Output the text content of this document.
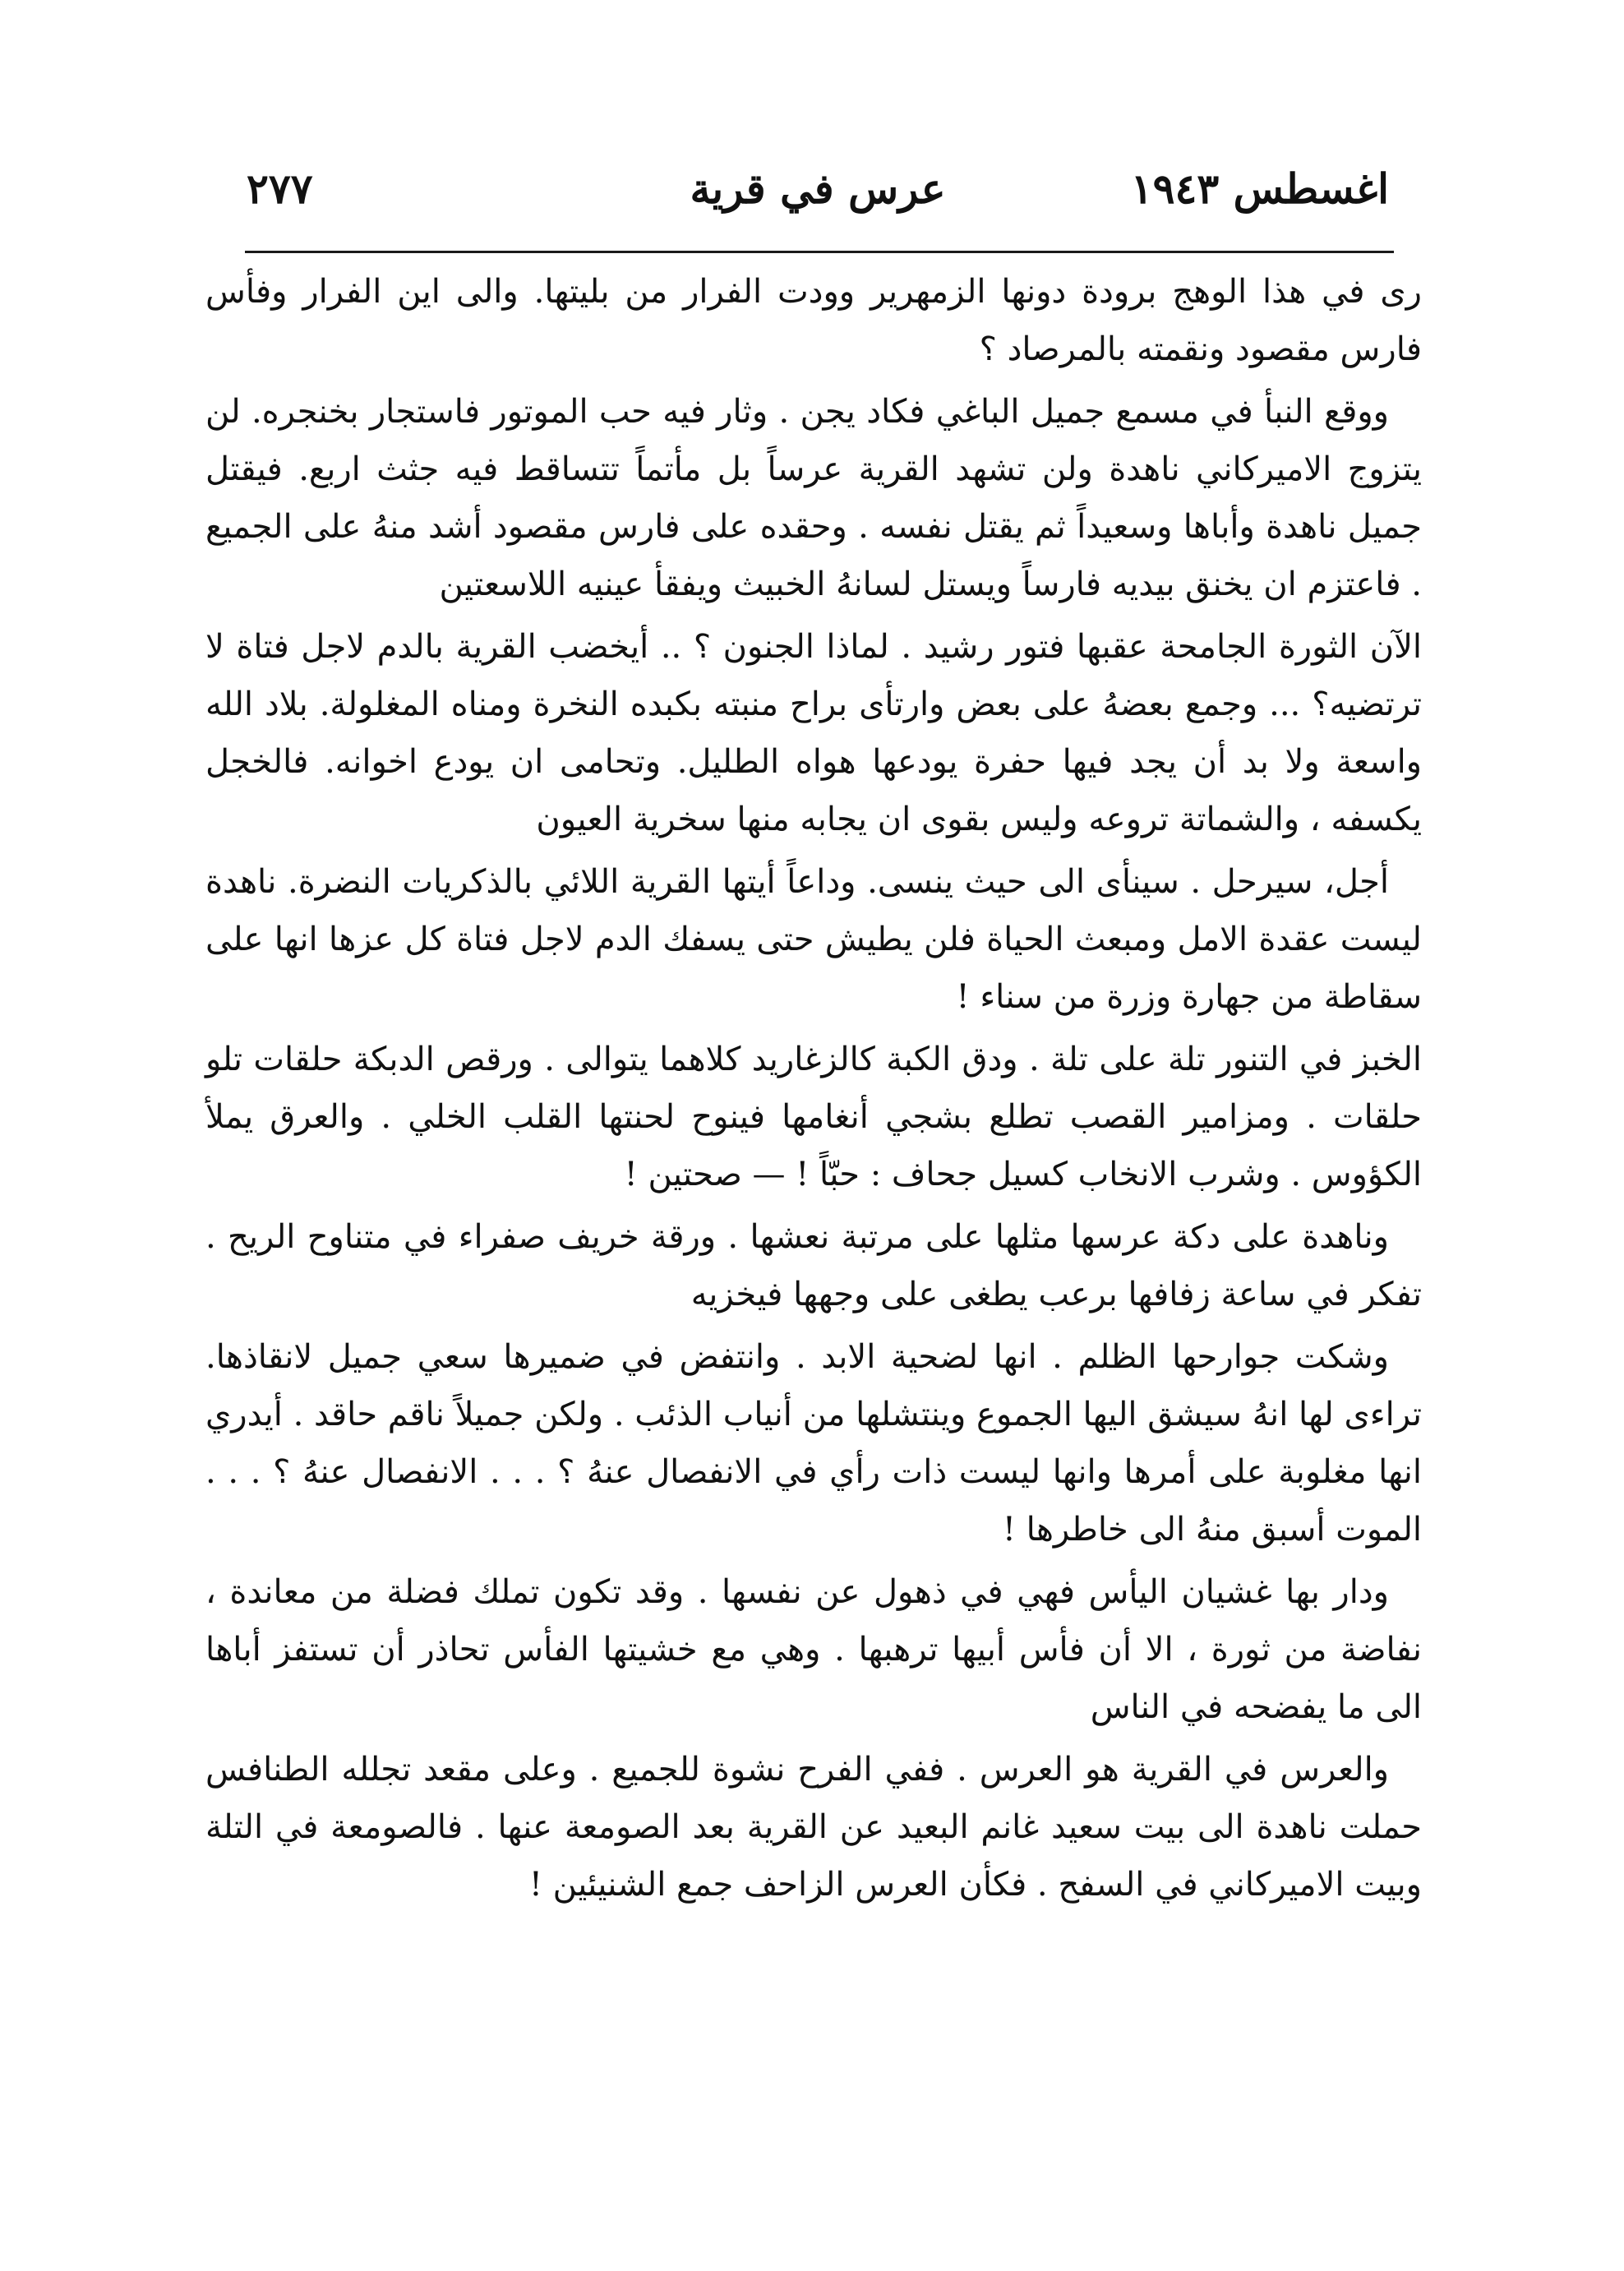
اغسطس ١٩٤٣
عرس في قرية
٢٧٧

رى في هذا الوهج برودة دونها الزمهرير وودت الفرار من بليتها. والى اين الفرار وفأس فارس مقصود ونقمته بالمرصاد ؟

ووقع النبأ في مسمع جميل الباغي فكاد يجن . وثار فيه حب الموتور فاستجار بخنجره. لن يتزوج الاميركاني ناهدة ولن تشهد القرية عرساً بل مأتماً تتساقط فيه جثث اربع. فيقتل جميل ناهدة وأباها وسعيداً ثم يقتل نفسه . وحقده على فارس مقصود أشد منهُ على الجميع . فاعتزم ان يخنق بيديه فارساً ويستل لسانهُ الخبيث ويفقأ عينيه اللاسعتين

الآن الثورة الجامحة عقبها فتور رشيد . لماذا الجنون ؟ .. أيخضب القرية بالدم لاجل فتاة لا ترتضيه؟ ... وجمع بعضهُ على بعض وارتأى براح منبته بكبده النخرة ومناه المغلولة. بلاد الله واسعة ولا بد أن يجد فيها حفرة يودعها هواه الطليل. وتحامى ان يودع اخوانه. فالخجل يكسفه ، والشماتة تروعه وليس بقوى ان يجابه منها سخرية العيون

أجل، سيرحل . سينأى الى حيث ينسى. وداعاً أيتها القرية اللائي بالذكريات النضرة. ناهدة ليست عقدة الامل ومبعث الحياة فلن يطيش حتى يسفك الدم لاجل فتاة كل عزها انها على سقاطة من جهارة وزرة من سناء !

الخبز في التنور تلة على تلة . ودق الكبة كالزغاريد كلاهما يتوالى . ورقص الدبكة حلقات تلو حلقات . ومزامير القصب تطلع بشجي أنغامها فينوح لحنتها القلب الخلي . والعرق يملأ الكؤوس . وشرب الانخاب كسيل جحاف : حبّاً ! — صحتين !

وناهدة على دكة عرسها مثلها على مرتبة نعشها . ورقة خريف صفراء في متناوح الريح . تفكر في ساعة زفافها برعب يطغى على وجهها فيخزيه

وشكت جوارحها الظلم . انها لضحية الابد . وانتفض في ضميرها سعي جميل لانقاذها. تراءى لها انهُ سيشق اليها الجموع وينتشلها من أنياب الذئب . ولكن جميلاً ناقم حاقد . أيدري انها مغلوبة على أمرها وانها ليست ذات رأي في الانفصال عنهُ ؟ . . . الانفصال عنهُ ؟ . . . الموت أسبق منهُ الى خاطرها !

ودار بها غشيان اليأس فهي في ذهول عن نفسها . وقد تكون تملك فضلة من معاندة ، نفاضة من ثورة ، الا أن فأس أبيها ترهبها . وهي مع خشيتها الفأس تحاذر أن تستفز أباها الى ما يفضحه في الناس

والعرس في القرية هو العرس . ففي الفرح نشوة للجميع . وعلى مقعد تجلله الطنافس حملت ناهدة الى بيت سعيد غانم البعيد عن القرية بعد الصومعة عنها . فالصومعة في التلة وبيت الاميركاني في السفح . فكأن العرس الزاحف جمع الشنيئين !
